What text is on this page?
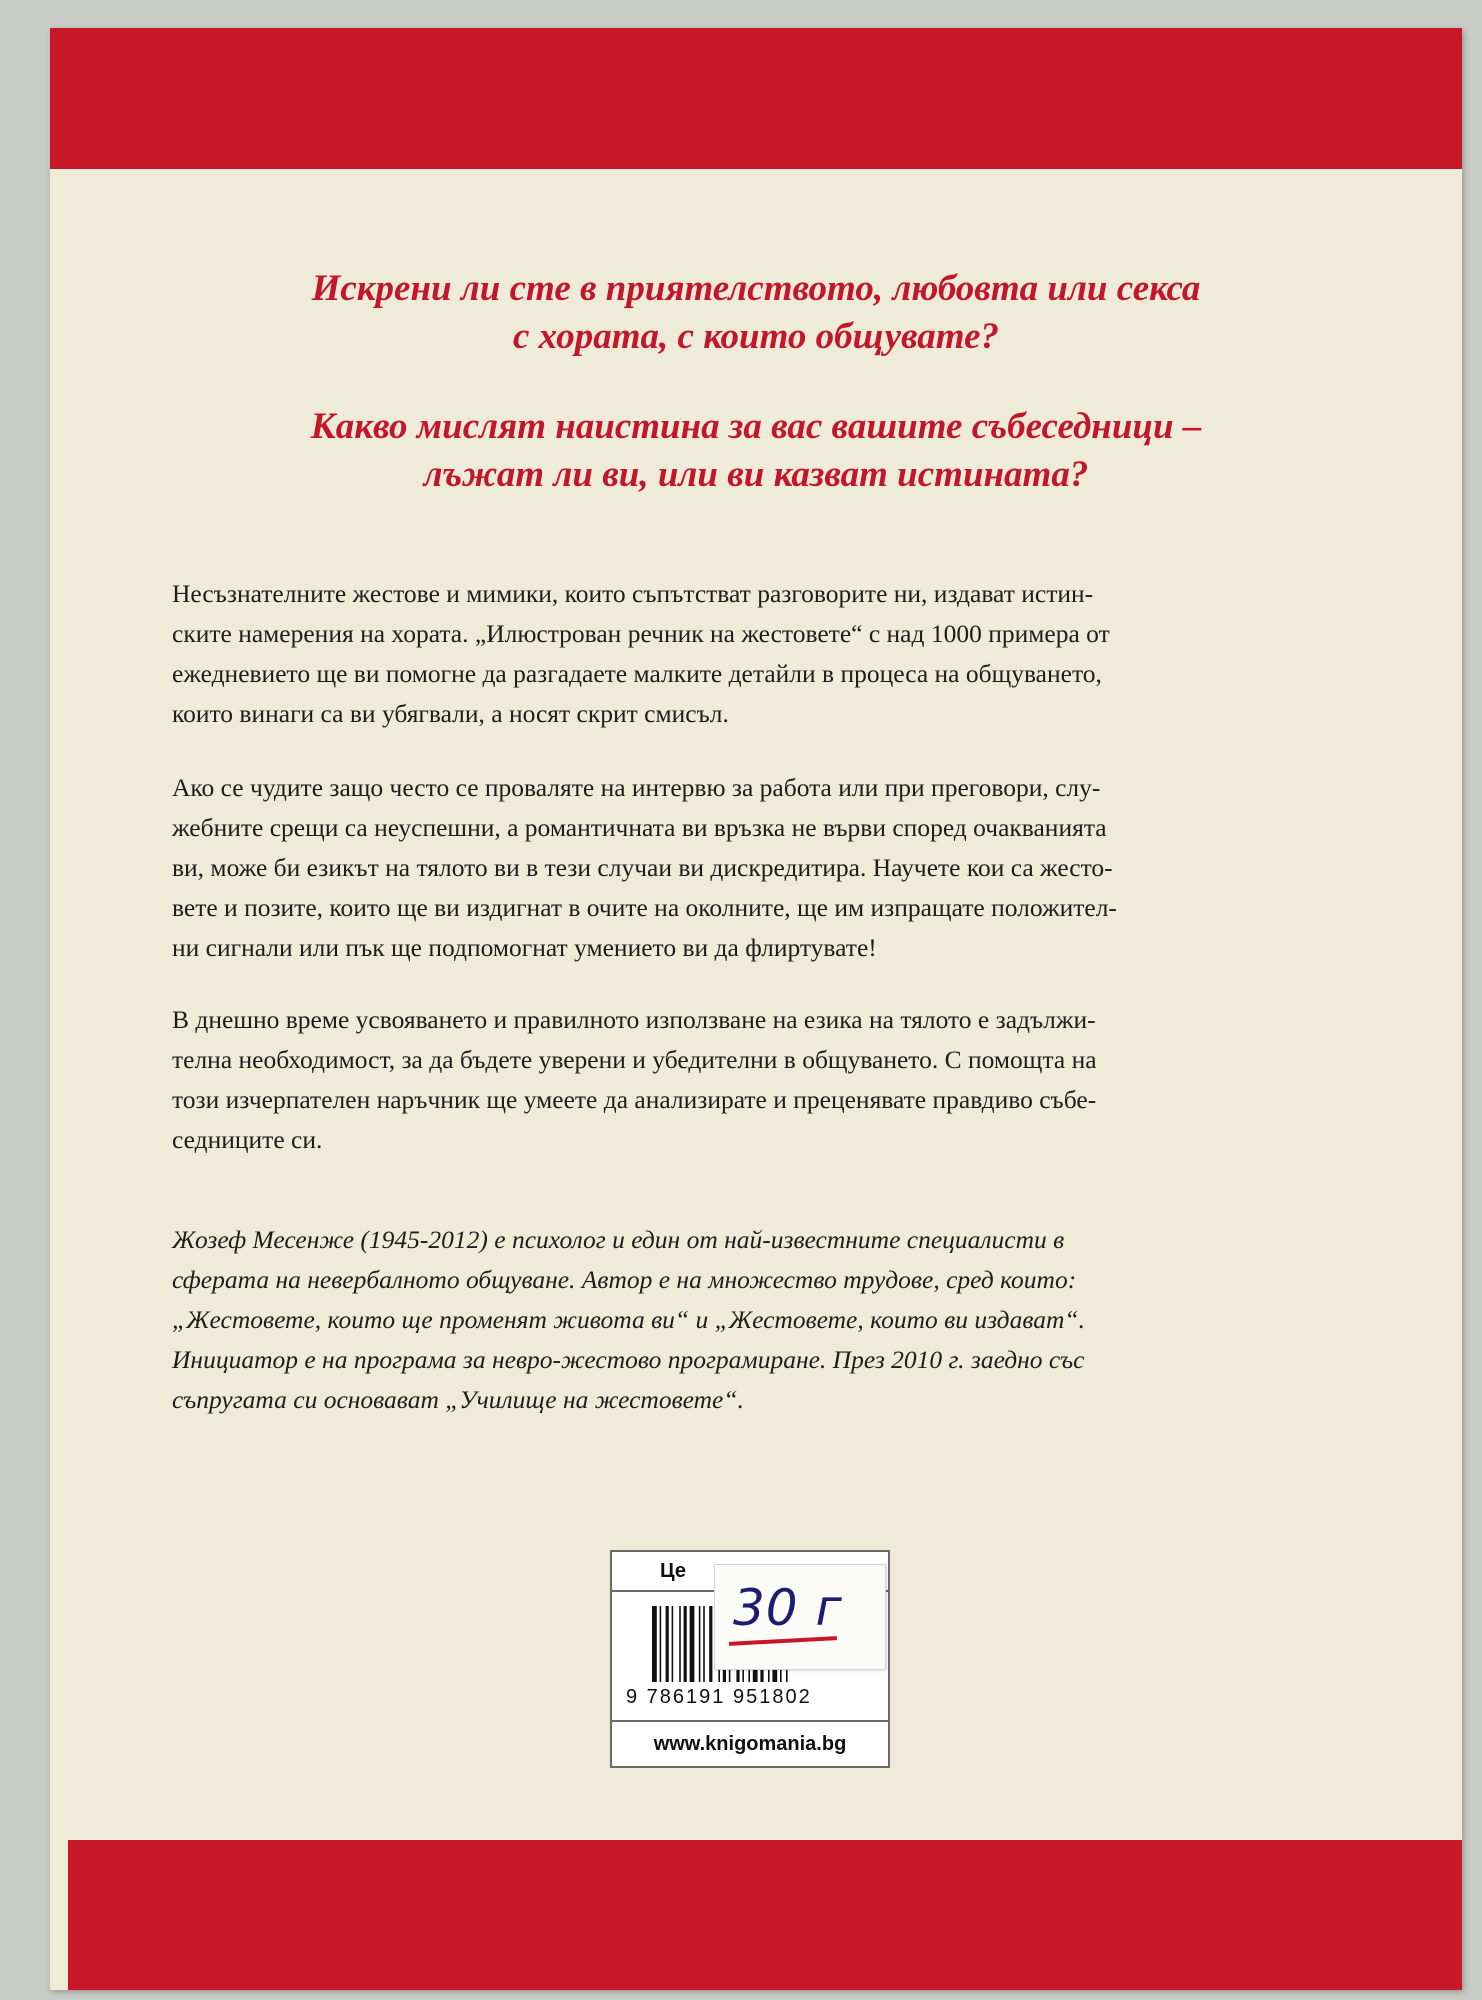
Искрени ли сте в приятелството, любовта или секса
с хората, с които общувате?
Какво мислят наистина за вас вашите събеседници –
лъжат ли ви, или ви казват истината?
Несъзнателните жестове и мимики, които съпътстват разговорите ни, издават истин-
ските намерения на хората. „Илюстрован речник на жестовете“ с над 1000 примера от
ежедневието ще ви помогне да разгадаете малките детайли в процеса на общуването,
които винаги са ви убягвали, а носят скрит смисъл.
Ако се чудите защо често се проваляте на интервю за работа или при преговори, слу-
жебните срещи са неуспешни, а романтичната ви връзка не върви според очакванията
ви, може би езикът на тялото ви в тези случаи ви дискредитира. Научете кои са жесто-
вете и позите, които ще ви издигнат в очите на околните, ще им изпращате положител-
ни сигнали или пък ще подпомогнат умението ви да флиртувате!
В днешно време усвояването и правилното използване на езика на тялото е задължи-
телна необходимост, за да бъдете уверени и убедителни в общуването. С помощта на
този изчерпателен наръчник ще умеете да анализирате и преценявате правдиво събе-
седниците си.
Жозеф Месенже (1945-2012) е психолог и един от най-известните специалисти в
сферата на невербалното общуване. Автор е на множество трудове, сред които:
„Жестовете, които ще променят живота ви“ и „Жестовете, които ви издават“.
Инициатор е на програма за невро-жестово програмиране. През 2010 г. заедно със
съпругата си основават „Училище на жестовете“.
Це
9 786191 951802
30 г
www.knigomania.bg
